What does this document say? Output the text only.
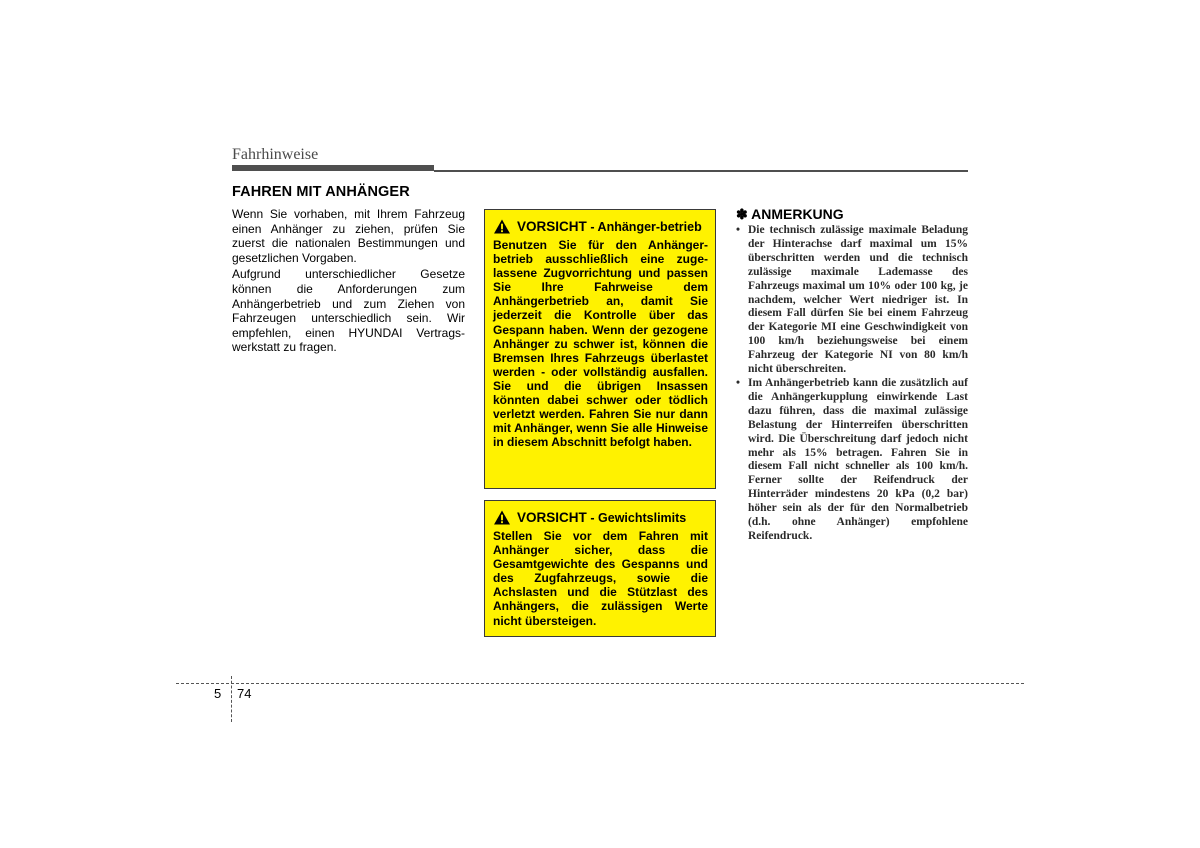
Fahrhinweise
FAHREN MIT ANHÄNGER

Wenn Sie vorhaben, mit Ihrem Fahrzeug einen Anhänger zu ziehen, prüfen Sie zuerst die nationalen Bestimmungen und gesetzlichen Vorgaben.

Aufgrund unterschiedlicher Gesetze können die Anforderungen zum Anhängerbetrieb und zum Ziehen von Fahrzeugen unterschiedlich sein. Wir empfehlen, einen HYUNDAI Vertrags-werkstatt zu fragen.

VORSICHT - Anhänger-betrieb

Benutzen Sie für den Anhänger-betrieb ausschließlich eine zuge-lassene Zugvorrichtung und passen Sie Ihre Fahrweise dem Anhängerbetrieb an, damit Sie jederzeit die Kontrolle über das Gespann haben. Wenn der gezogene Anhänger zu schwer ist, können die Bremsen Ihres Fahrzeugs überlastet werden - oder vollständig ausfallen. Sie und die übrigen Insassen könnten dabei schwer oder tödlich verletzt werden. Fahren Sie nur dann mit Anhänger, wenn Sie alle Hinweise in diesem Abschnitt befolgt haben.

VORSICHT - Gewichtslimits

Stellen Sie vor dem Fahren mit Anhänger sicher, dass die Gesamtgewichte des Gespanns und des Zugfahrzeugs, sowie die Achslasten und die Stützlast des Anhängers, die zulässigen Werte nicht übersteigen.

✽ ANMERKUNG
• Die technisch zulässige maximale Beladung der Hinterachse darf maximal um 15% überschritten werden und die technisch zulässige maximale Lademasse des Fahrzeugs maximal um 10% oder 100 kg, je nachdem, welcher Wert niedriger ist. In diesem Fall dürfen Sie bei einem Fahrzeug der Kategorie MI eine Geschwindigkeit von 100 km/h beziehungsweise bei einem Fahrzeug der Kategorie NI von 80 km/h nicht überschreiten.
• Im Anhängerbetrieb kann die zusätzlich auf die Anhängerkupplung einwirkende Last dazu führen, dass die maximal zulässige Belastung der Hinterreifen überschritten wird. Die Überschreitung darf jedoch nicht mehr als 15% betragen. Fahren Sie in diesem Fall nicht schneller als 100 km/h. Ferner sollte der Reifendruck der Hinterräder mindestens 20 kPa (0,2 bar) höher sein als der für den Normalbetrieb (d.h. ohne Anhänger) empfohlene Reifendruck.
5 74
